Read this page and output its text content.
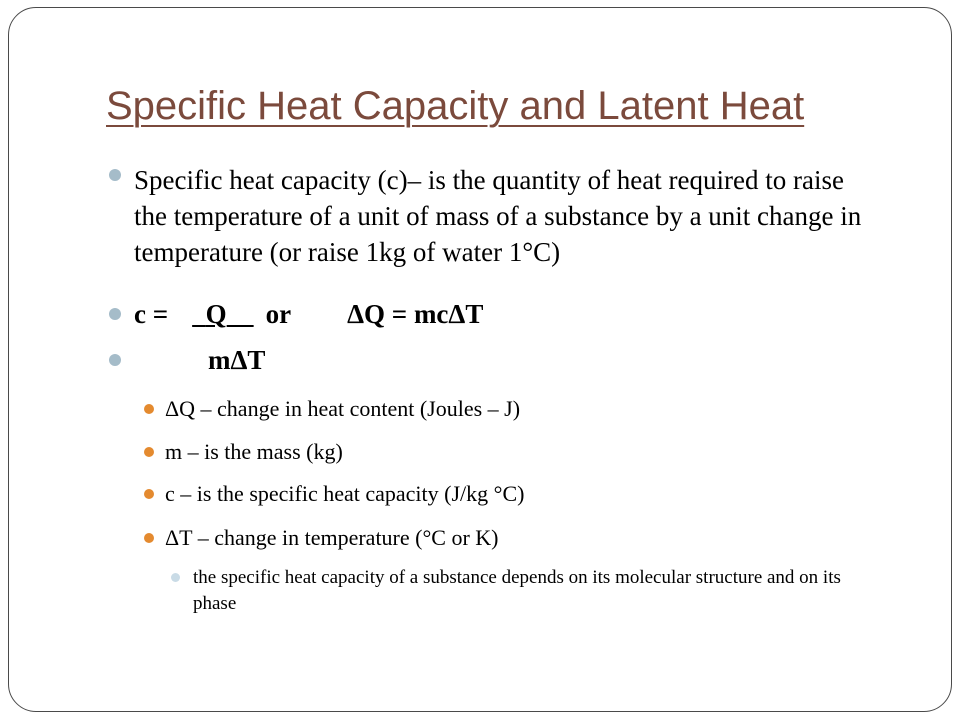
Specific Heat Capacity and Latent Heat
Specific heat capacity (c)– is the quantity of heat required to raise the temperature of a unit of mass of a substance by a unit change in temperature (or raise 1kg of water 1°C)
c = Q or ΔQ = mcΔT
mΔT
ΔQ – change in heat content (Joules – J)
m – is the mass (kg)
c – is the specific heat capacity (J/kg °C)
ΔT – change in temperature (°C or K)
the specific heat capacity of a substance depends on its molecular structure and on its phase
